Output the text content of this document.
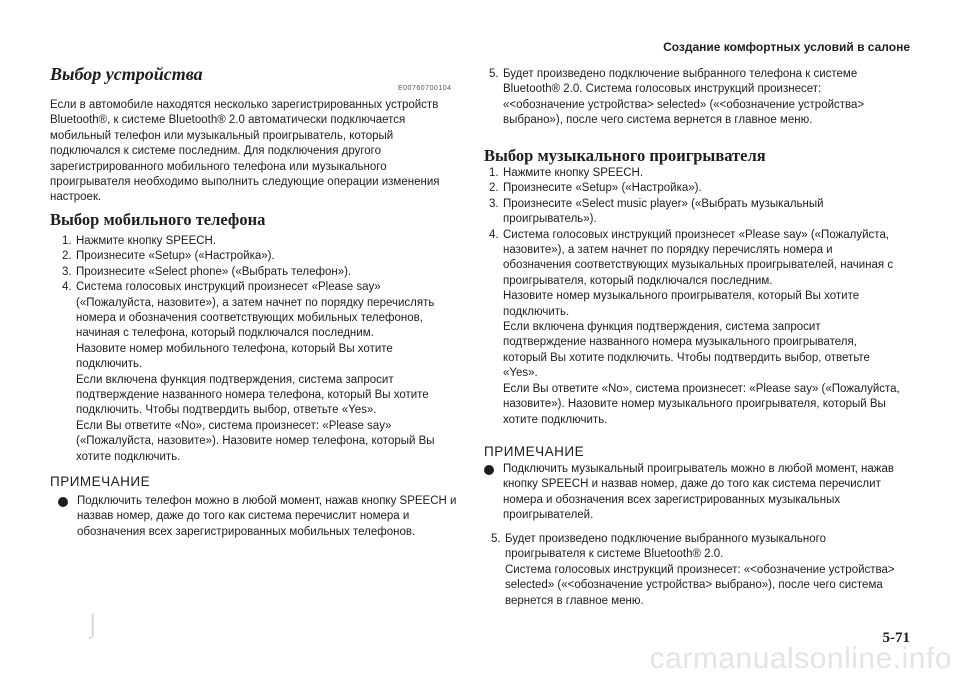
Создание комфортных условий в салоне
Выбор устройства
E00760700104
Если в автомобиле находятся несколько зарегистрированных устройств Bluetooth®, к системе Bluetooth® 2.0 автоматически подключается мобильный телефон или музыкальный проигрыватель, который подключался к системе последним. Для подключения другого зарегистрированного мобильного телефона или музыкального проигрывателя необходимо выполнить следующие операции изменения настроек.
Выбор мобильного телефона
1. Нажмите кнопку SPEECH.
2. Произнесите «Setup» («Настройка»).
3. Произнесите «Select phone» («Выбрать телефон»).
4. Система голосовых инструкций произнесет «Please say» («Пожалуйста, назовите»), а затем начнет по порядку перечислять номера и обозначения соответствующих мобильных телефонов, начиная с телефона, который подключался последним.
Назовите номер мобильного телефона, который Вы хотите подключить.
Если включена функция подтверждения, система запросит подтверждение названного номера телефона, который Вы хотите подключить. Чтобы подтвердить выбор, ответьте «Yes».
Если Вы ответите «No», система произнесет: «Please say» («Пожалуйста, назовите»). Назовите номер телефона, который Вы хотите подключить.
ПРИМЕЧАНИЕ
Подключить телефон можно в любой момент, нажав кнопку SPEECH и назвав номер, даже до того как система перечислит номера и обозначения всех зарегистрированных мобильных телефонов.
5. Будет произведено подключение выбранного телефона к системе Bluetooth® 2.0. Система голосовых инструкций произнесет: «<обозначение устройства> selected» («<обозначение устройства> выбрано»), после чего система вернется в главное меню.
Выбор музыкального проигрывателя
1. Нажмите кнопку SPEECH.
2. Произнесите «Setup» («Настройка»).
3. Произнесите «Select music player» («Выбрать музыкальный проигрыватель»).
4. Система голосовых инструкций произнесет «Please say» («Пожалуйста, назовите»), а затем начнет по порядку перечислять номера и обозначения соответствующих музыкальных проигрывателей, начиная с проигрывателя, который подключался последним.
Назовите номер музыкального проигрывателя, который Вы хотите подключить.
Если включена функция подтверждения, система запросит подтверждение названного номера музыкального проигрывателя, который Вы хотите подключить. Чтобы подтвердить выбор, ответьте «Yes».
Если Вы ответите «No», система произнесет: «Please say» («Пожалуйста, назовите»). Назовите номер музыкального проигрывателя, который Вы хотите подключить.
ПРИМЕЧАНИЕ
Подключить музыкальный проигрыватель можно в любой момент, нажав кнопку SPEECH и назвав номер, даже до того как система перечислит номера и обозначения всех зарегистрированных музыкальных проигрывателей.
5. Будет произведено подключение выбранного музыкального проигрывателя к системе Bluetooth® 2.0.
Система голосовых инструкций произнесет: «<обозначение устройства> selected» («<обозначение устройства> выбрано»), после чего система вернется в главное меню.
⌡
5-71
carmanualsonline.info
